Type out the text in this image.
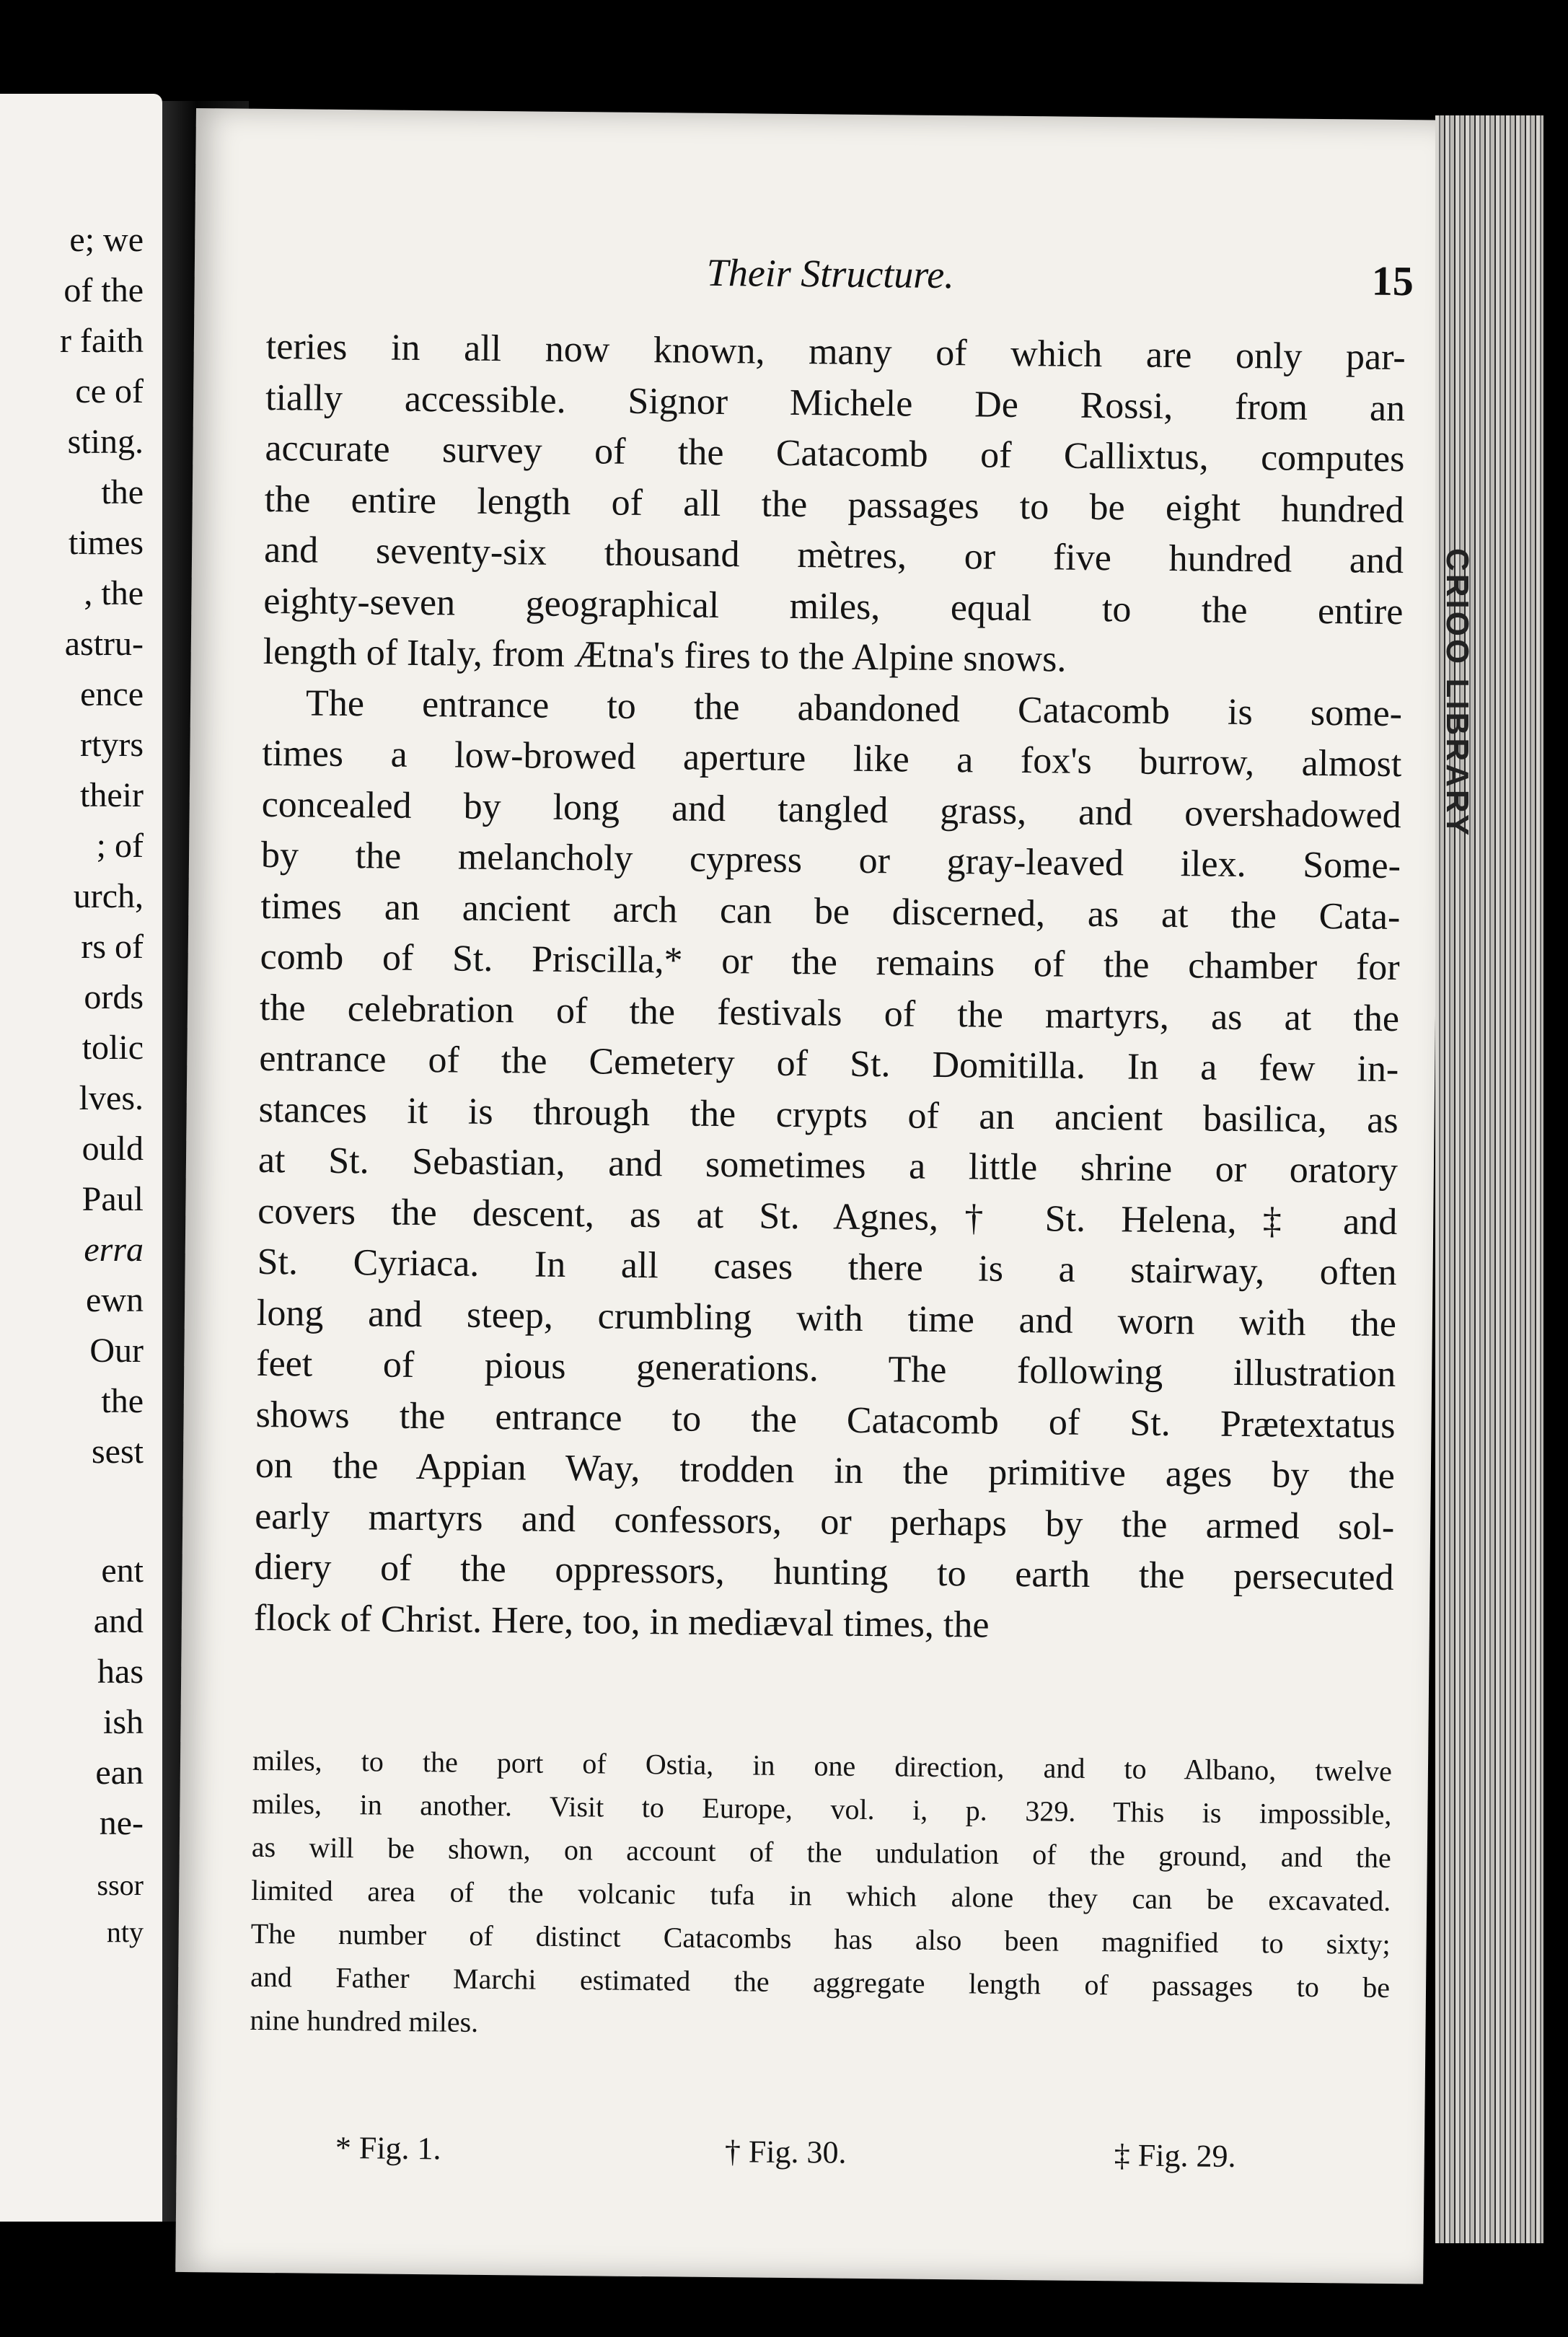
e; we
of the
r faith
ce of
sting.
the
times
, the
astru-
ence
rtyrs
their
; of
urch,
rs of
ords
tolic
lves.
ould
Paul
erra
ewn
Our
the
sest
ent
and
has
ish
ean
ne-
ssor
nty
Their Structure.	15
teries in all now known, many of which are only par-
tially accessible. Signor Michele De Rossi, from an
accurate survey of the Catacomb of Callixtus, computes
the entire length of all the passages to be eight hundred
and seventy-six thousand mètres, or five hundred and
eighty-seven geographical miles, equal to the entire
length of Italy, from Ætna's fires to the Alpine snows.
The entrance to the abandoned Catacomb is some-
times a low-browed aperture like a fox's burrow, almost
concealed by long and tangled grass, and overshadowed
by the melancholy cypress or gray-leaved ilex. Some-
times an ancient arch can be discerned, as at the Cata-
comb of St. Priscilla,* or the remains of the chamber for
the celebration of the festivals of the martyrs, as at the
entrance of the Cemetery of St. Domitilla. In a few in-
stances it is through the crypts of an ancient basilica, as
at St. Sebastian, and sometimes a little shrine or oratory
covers the descent, as at St. Agnes,† St. Helena,‡ and
St. Cyriaca. In all cases there is a stairway, often
long and steep, crumbling with time and worn with the
feet of pious generations. The following illustration
shows the entrance to the Catacomb of St. Prætextatus
on the Appian Way, trodden in the primitive ages by the
early martyrs and confessors, or perhaps by the armed sol-
diery of the oppressors, hunting to earth the persecuted
flock of Christ. Here, too, in mediæval times, the
miles, to the port of Ostia, in one direction, and to Albano, twelve
miles, in another. Visit to Europe, vol. i, p. 329. This is impossible,
as will be shown, on account of the undulation of the ground, and the
limited area of the volcanic tufa in which alone they can be excavated.
The number of distinct Catacombs has also been magnified to sixty;
and Father Marchi estimated the aggregate length of passages to be
nine hundred miles.
* Fig. 1.	† Fig. 30.	‡ Fig. 29.
CRIOO LIBRARY
